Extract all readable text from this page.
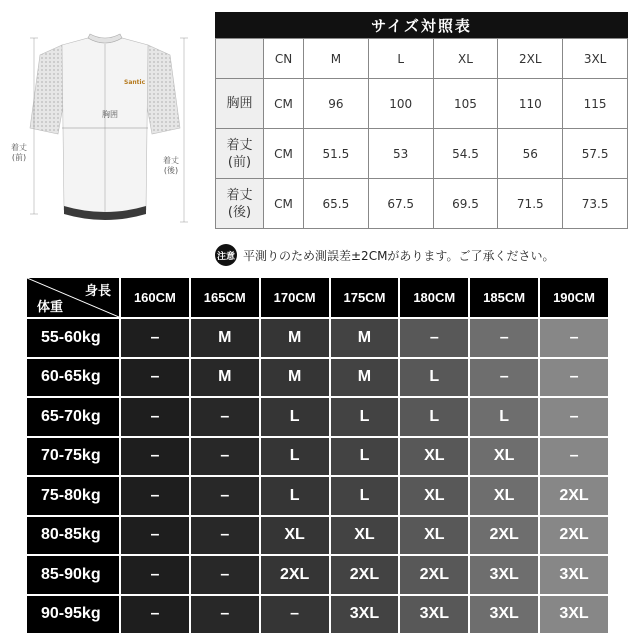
Santic
胸囲
着丈
(前)	着丈
(後)
サイズ対照表
	CN	M	L	XL	2XL	3XL

胸囲	CM	96	100	105	110	115

着丈
(前)	CM	51.5	53	54.5	56	57.5

着丈
(後)	CM	65.5	67.5	69.5	71.5	73.5
注意 平測りのため測誤差±2CMがあります。ご了承ください。
身長
体重	160CM	165CM	170CM	175CM	180CM	185CM	190CM
55-60kg	–	M	M	M	–	–	–
60-65kg	–	M	M	M	L	–	–
65-70kg	–	–	L	L	L	L	–
70-75kg	–	–	L	L	XL	XL	–
75-80kg	–	–	L	L	XL	XL	2XL
80-85kg	–	–	XL	XL	XL	2XL	2XL
85-90kg	–	–	2XL	2XL	2XL	3XL	3XL
90-95kg	–	–	–	3XL	3XL	3XL	3XL
